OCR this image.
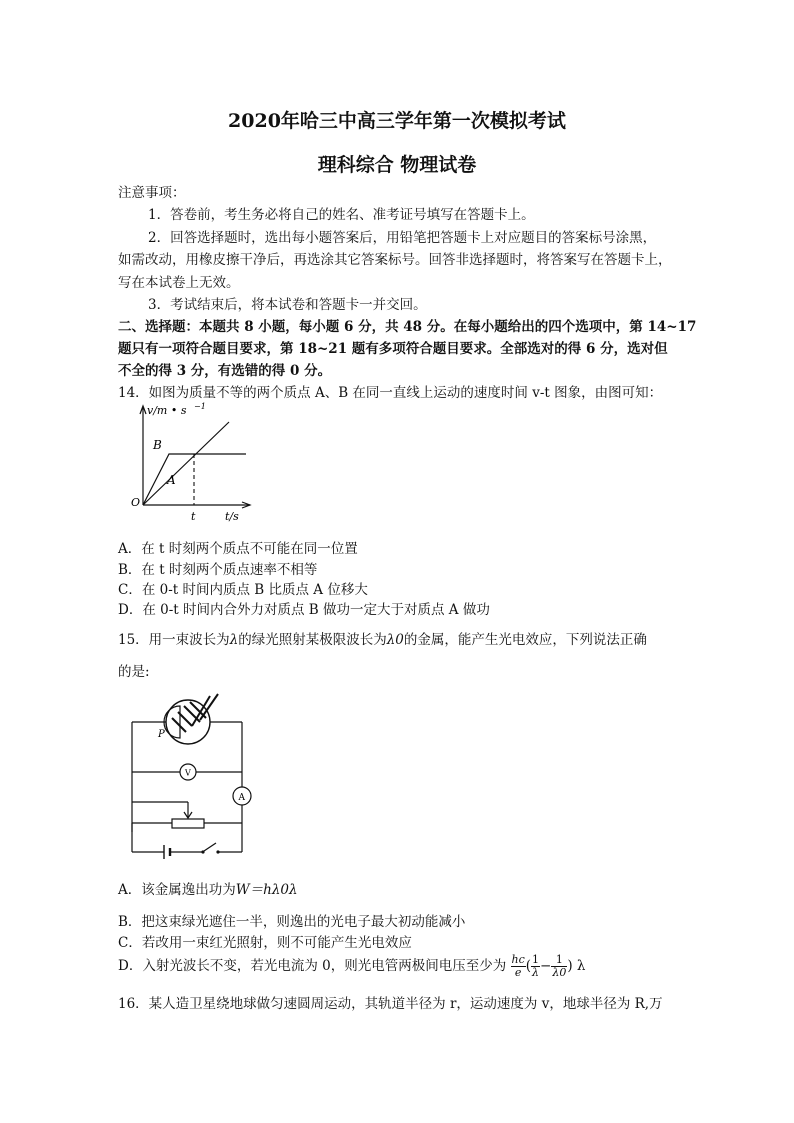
2020年哈三中高三学年第一次模拟考试
理科综合 物理试卷
注意事项：
1．答卷前，考生务必将自己的姓名、准考证号填写在答题卡上。
2．回答选择题时，选出每小题答案后，用铅笔把答题卡上对应题目的答案标号涂黑，
如需改动，用橡皮擦干净后，再选涂其它答案标号。回答非选择题时，将答案写在答题卡上，
写在本试卷上无效。
3．考试结束后，将本试卷和答题卡一并交回。
二、选择题：本题共 8 小题，每小题 6 分，共 48 分。在每小题给出的四个选项中，第 14~17
题只有一项符合题目要求，第 18~21 题有多项符合题目要求。全部选对的得 6 分，选对但
不全的得 3 分，有选错的得 0 分。
14．如图为质量不等的两个质点 A、B 在同一直线上运动的速度时间 v-t 图象，由图可知：
v/m • s −1
B
A
O
t	t/s
A．在 t 时刻两个质点不可能在同一位置
B．在 t 时刻两个质点速率不相等
C．在 0-t 时间内质点 B 比质点 A 位移大
D．在 0-t 时间内合外力对质点 B 做功一定大于对质点 A 做功
15．用一束波长为λ的绿光照射某极限波长为λ0的金属，能产生光电效应，下列说法正确
的是:
P
V
A
A．该金属逸出功为W＝hλ0λ
B．把这束绿光遮住一半，则逸出的光电子最大初动能减小
C．若改用一束红光照射，则不可能产生光电效应
D．入射光波长不变，若光电流为 0，则光电管两极间电压至少为 $\frac{hc}{e}$ ( $\frac{1}{\lambda} - \frac{1}{\lambda 0}$ ) λ
16．某人造卫星绕地球做匀速圆周运动，其轨道半径为 r，运动速度为 v，地球半径为 R,万
